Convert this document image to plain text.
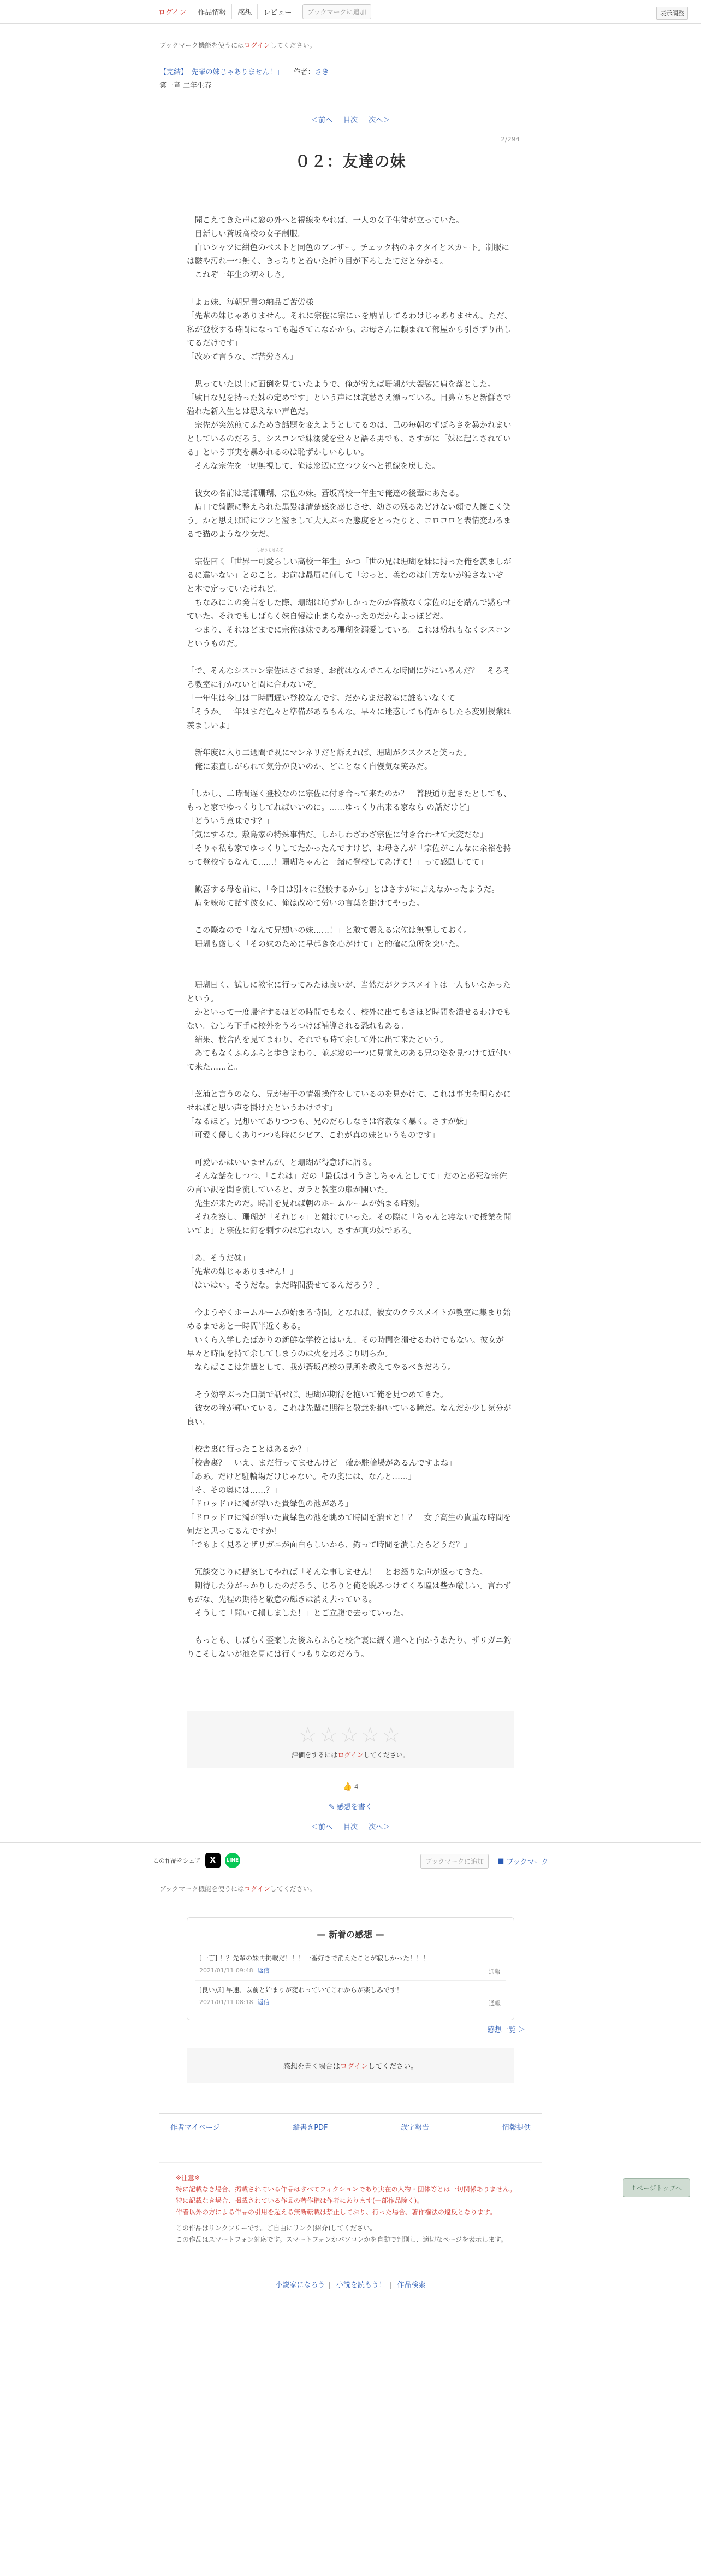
ログイン	作品情報	感想	レビュー	ブックマークに追加	表示調整
ブックマーク機能を使うにはログインしてください。
【完結】「先輩の妹じゃありません！」 作者：さき
第一章 二年生春
＜前へ 目次 次へ＞
2/294
０２：友達の妹

聞こえてきた声に窓の外へと視線をやれば、一人の女子生徒が立っていた。

目新しい蒼坂高校の女子制服。

白いシャツに紺色のベストと同色のブレザー。チェック柄のネクタイとスカート。制服には皺や汚れ一つ無く、きっちりと着いた折り目が下ろしたてだと分かる。

これぞ一年生の初々しさ。

「よぉ妹、毎朝兄貴の納品ご苦労様」

「先輩の妹じゃありません。それに宗佐に宗にぃを納品してるわけじゃありません。ただ、私が登校する時間になっても起きてこなかから、お母さんに頼まれて部屋から引きずり出してるだけです」

「改めて言うな、ご苦労さん」

思っていた以上に面倒を見ていたようで、俺が労えば珊瑚が大袈裟に肩を落とした。

「駄目な兄を持った妹の定めです」という声には哀愁さえ漂っている。目鼻立ちと新鮮さで溢れた新入生とは思えない声色だ。

宗佐が突然煎てふためき話題を変えようとしてるのは、己の毎朝のずぼらさを暴かれまいとしているのだろう。シスコンで妹溺愛を堂々と語る男でも、さすがに「妹に起こされている」という事実を暴かれるのは恥ずかしいらしい。

そんな宗佐を一切無視して、俺は窓辺に立つ少女へと視線を戻した。

彼女の名前は芝浦珊瑚、宗佐の妹。蒼坂高校一年生で俺達の後輩にあたる。

肩口で綺麗に整えられた黒髪は清楚感を感じさせ、幼さの残るあどけない顔で人懐こく笑う。かと思えば時にツンと澄まして大人ぶった態度をとったりと、コロコロと表情変わるまるで猫のような少女だ。

宗佐曰く「世界一可愛らしい高校一年生」かつ「世の兄は珊瑚を妹に持った俺を羨ましがるに違いない」とのこと。お前は贔屓に何して「おっと、羨むのは仕方ないが渡さないぞ」と本で定っていたけれど。

ちなみにこの発言をした際、珊瑚は恥ずかしかったのか容赦なく宗佐の足を踏んで黙らせていた。それでもしばらく妹自慢は止まらなかったのだからよっぽどだ。

つまり、それほどまでに宗佐は妹である珊瑚を溺愛している。これは紛れもなくシスコンというものだ。

「で、そんなシスコン宗佐はさておき、お前はなんでこんな時間に外にいるんだ？　そろそろ教室に行かないと間に合わないぞ」

「一年生は今日は二時間遅い登校なんです。だからまだ教室に誰もいなくて」

「そうか。一年はまだ色々と準備があるもんな。早々に迷惑しても俺からしたら変別授業は羨ましいよ」

新年度に入り二週間で既にマンネリだと訴えれば、珊瑚がクスクスと笑った。

俺に素直しがられて気分が良いのか、どことなく自慢気な笑みだ。

「しかし、二時間遅く登校なのに宗佐に付き合って来たのか？　普段通り起きたとしても、もっと家でゆっくりしてればいいのに。……ゆっくり出来る家なら の話だけど」

「どういう意味です？」

「気にするな。敷島家の特殊事情だ。しかしわざわざ宗佐に付き合わせて大変だな」

「そりゃ私も家でゆっくりしてたかったんですけど、お母さんが「宗佐がこんなに余裕を持って登校するなんて……！珊瑚ちゃんと一緒に登校してあげて！」って感動してて」

歓喜する母を前に、「今日は別々に登校するから」とはさすがに言えなかったようだ。

肩を竦めて話す彼女に、俺は改めて労いの言葉を掛けてやった。

この際なので「なんて兄想いの妹……！」と敢て震える宗佐は無視しておく。

珊瑚も厳しく「その妹のために早起きを心がけて」と的確に急所を突いた。

珊瑚曰く、試しに教室に行ってみたは良いが、当然だがクラスメイトは一人もいなかったという。

かといって一度帰宅するほどの時間でもなく、校外に出てもさほど時間を潰せるわけでもない。むしろ下手に校外をうろつけば補導される恐れもある。

結果、校舎内を見てまわり、それでも時て余して外に出て来たという。

あてもなくふらふらと歩きまわり、並ぶ窓の一つに見覚えのある兄の姿を見つけて近付いて来た……と。

「芝浦と言うのなら、兄が若干の情報操作をしているのを見かけて、これは事実を明らかにせねばと思い声を掛けたというわけです」

「なるほど。兄想いてありつつも、兄のだらしなさは容赦なく暴く。さすが妹」

「可愛く優しくありつつも時にシビア、これが真の妹というものです」

可愛いかはいいませんが、と珊瑚が得意げに語る。

そんな話をしつつ、「これは」だの「最低は４うさしちゃんとしてて」だのと必死な宗佐の言い訳を聞き流していると、ガラと教室の扉が開いた。

先生が来たのだ。時計を見れば朝のホームルームが始まる時刻。

それを察し、珊瑚が「それじゃ」と離れていった。その際に「ちゃんと寝ないで授業を聞いてよ」と宗佐に釘を刺すのは忘れない。さすが真の妹である。

「あ、そうだ妹」

「先輩の妹じゃありません！」

「はいはい。そうだな。まだ時間潰せてるんだろう？」

今ようやくホームルームが始まる時間。となれば、彼女のクラスメイトが教室に集まり始めるまであと一時間半近くある。

いくら入学したばかりの新鮮な学校とはいえ、その時間を潰せるわけでもない。彼女が早々と時間を持て余してしまうのは火を見るより明らか。

ならばここは先輩として、我が蒼坂高校の見所を教えてやるべきだろう。

そう効率ぶった口調で話せば、珊瑚が期待を抱いて俺を見つめてきた。

彼女の瞳が輝いている。これは先輩に期待と敬意を抱いている瞳だ。なんだか少し気分が良い。

「校舎裏に行ったことはあるか？」

「校舎裏？　いえ、まだ行ってませんけど。確か駐輪場があるんですよね」

「ああ。だけど駐輪場だけじゃない。その奥には、なんと……」

「そ、その奥には……？」

「ドロッドロに濁が浮いた貴緑色の池がある」

「ドロッドロに濁が浮いた貴緑色の池を眺めて時間を潰せと！？　女子高生の貴重な時間を何だと思ってるんですか！」

「でもよく見るとザリガニが面白らしいから、釣って時間を潰したらどうだ？」

冗談交じりに提案してやれば「そんな事しません！」とお怒りな声が返ってきた。

期待した分がっかりしたのだろう、じろりと俺を睨みつけてくる瞳は些か厳しい。言わずもがな、先程の期待と敬意の輝きは消え去っている。

そうして「聞いて損しました！」とご立腹で去っていった。

もっとも、しばらく歪案した後ふらふらと校舎裏に続く道へと向かうあたり、ザリガニ釣りこそしないが池を見には行くつもりなのだろう。

しばうらさんご
↑ページトップへ
☆☆☆☆☆
評価をするにはログインしてください。
👍 4
✎ 感想を書く
＜前へ 目次 次へ＞
この作品をシェア	X	LINE	ブックマークに追加	■ ブックマーク
ブックマーク機能を使うにはログインしてください。
— 新着の感想 —
[一言] ！？先輩の妹再掲載だ！！！一番好きで消えたことが寂しかった！！！
2021/01/11 09:48 返信	通報
[良い点] 早速、以前と始まりが変わっていてこれからが楽しみです！
2021/01/11 08:18 返信	通報
感想一覧 ＞
感想を書く場合はログインしてください。
作者マイページ	縦書きPDF	誤字報告	情報提供
※注意※
特に記載なき場合、掲載されている作品はすべてフィクションであり実在の人物・団体等とは一切関係ありません。
特に記載なき場合、掲載されている作品の著作権は作者にあります(一部作品除く)。
作者以外の方による作品の引用を超える無断転載は禁止しており、行った場合、著作権法の違反となります。
この作品はリンクフリーです。ご自由にリンク(紹介)してください。
この作品はスマートフォン対応です。スマートフォンかパソコンかを自動で判別し、適切なページを表示します。
小説家になろう | 小説を読もう！ | 作品検索
